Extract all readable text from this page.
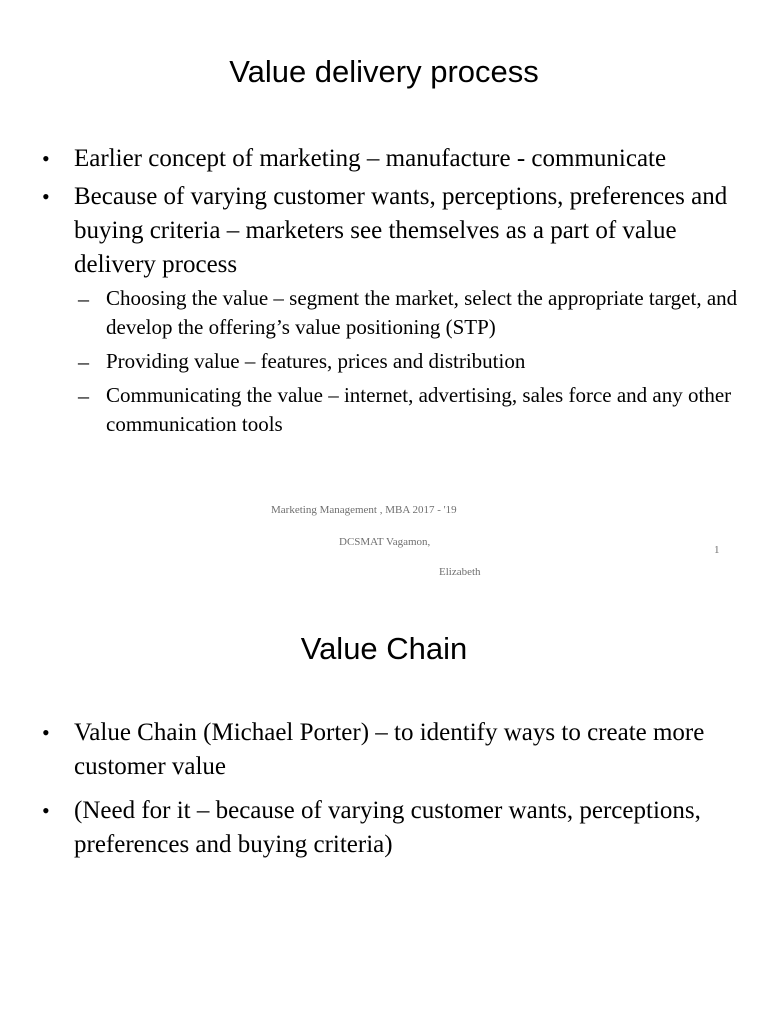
Value delivery process
• Earlier concept of marketing – manufacture - communicate
• Because of varying customer wants, perceptions, preferences and buying criteria – marketers see themselves as a part of value delivery process
– Choosing the value – segment the market, select the appropriate target, and develop the offering’s value positioning (STP)
– Providing value – features, prices and distribution
– Communicating the value – internet, advertising, sales force and any other communication tools
Marketing Management , MBA 2017 - '19
DCSMAT Vagamon,
1
Elizabeth
Value Chain
• Value Chain (Michael Porter) – to identify ways to create more customer value
• (Need for it – because of varying customer wants, perceptions, preferences and buying criteria)
